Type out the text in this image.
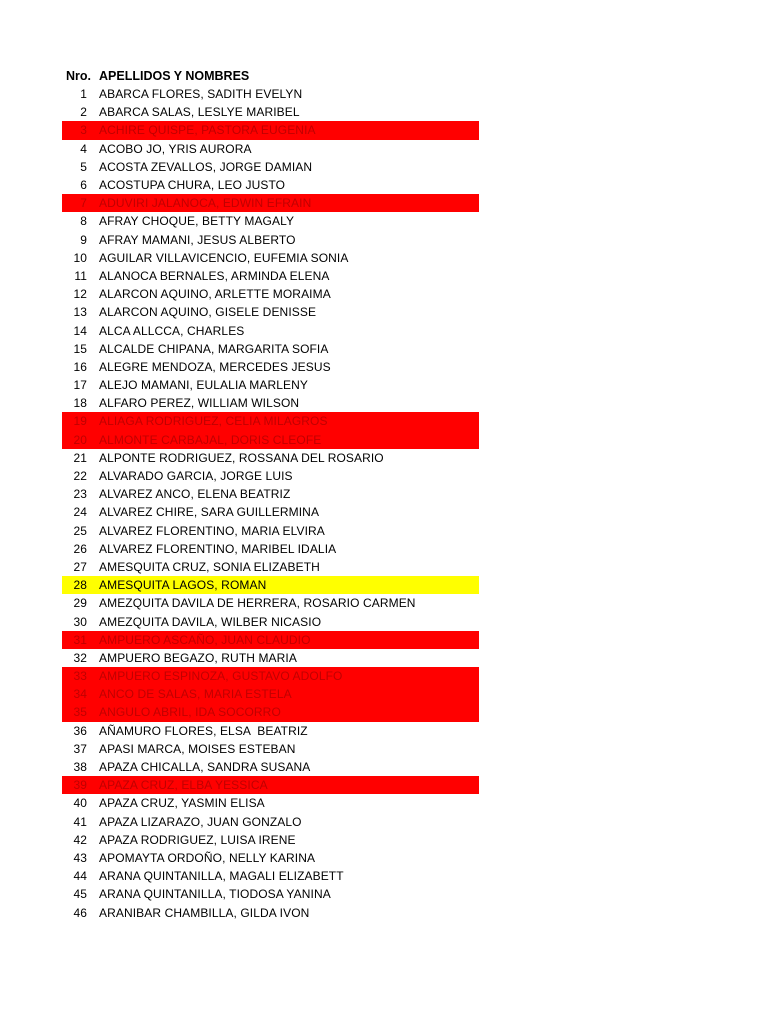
Nro. APELLIDOS Y NOMBRES
1	ABARCA FLORES, SADITH EVELYN
2	ABARCA SALAS, LESLYE MARIBEL
3	ACHIRE QUISPE, PASTORA EUGENIA
4	ACOBO JO, YRIS AURORA
5	ACOSTA ZEVALLOS, JORGE DAMIAN
6	ACOSTUPA CHURA, LEO JUSTO
7	ADUVIRI JALANOCA, EDWIN EFRAIN
8	AFRAY CHOQUE, BETTY MAGALY
9	AFRAY MAMANI, JESUS ALBERTO
10	AGUILAR VILLAVICENCIO, EUFEMIA SONIA
11	ALANOCA BERNALES, ARMINDA ELENA
12	ALARCON AQUINO, ARLETTE MORAIMA
13	ALARCON AQUINO, GISELE DENISSE
14	ALCA ALLCCA, CHARLES
15	ALCALDE CHIPANA, MARGARITA SOFIA
16	ALEGRE MENDOZA, MERCEDES JESUS
17	ALEJO MAMANI, EULALIA MARLENY
18	ALFARO PEREZ, WILLIAM WILSON
19	ALIAGA RODRIGUEZ, CELIA MILAGROS
20	ALMONTE CARBAJAL, DORIS CLEOFE
21	ALPONTE RODRIGUEZ, ROSSANA DEL ROSARIO
22	ALVARADO GARCIA, JORGE LUIS
23	ALVAREZ ANCO, ELENA BEATRIZ
24	ALVAREZ CHIRE, SARA GUILLERMINA
25	ALVAREZ FLORENTINO, MARIA ELVIRA
26	ALVAREZ FLORENTINO, MARIBEL IDALIA
27	AMESQUITA CRUZ, SONIA ELIZABETH
28	AMESQUITA LAGOS, ROMAN
29	AMEZQUITA DAVILA DE HERRERA, ROSARIO CARMEN
30	AMEZQUITA DAVILA, WILBER NICASIO
31	AMPUERO ASCAÑO, JUAN CLAUDIO
32	AMPUERO BEGAZO, RUTH MARIA
33	AMPUERO ESPINOZA, GUSTAVO ADOLFO
34	ANCO DE SALAS, MARIA ESTELA
35	ANGULO ABRIL, IDA SOCORRO
36	AÑAMURO FLORES, ELSA  BEATRIZ
37	APASI MARCA, MOISES ESTEBAN
38	APAZA CHICALLA, SANDRA SUSANA
39	APAZA CRUZ, ELBA YESSICA
40	APAZA CRUZ, YASMIN ELISA
41	APAZA LIZARAZO, JUAN GONZALO
42	APAZA RODRIGUEZ, LUISA IRENE
43	APOMAYTA ORDOÑO, NELLY KARINA
44	ARANA QUINTANILLA, MAGALI ELIZABETT
45	ARANA QUINTANILLA, TIODOSA YANINA
46	ARANIBAR CHAMBILLA, GILDA IVON
